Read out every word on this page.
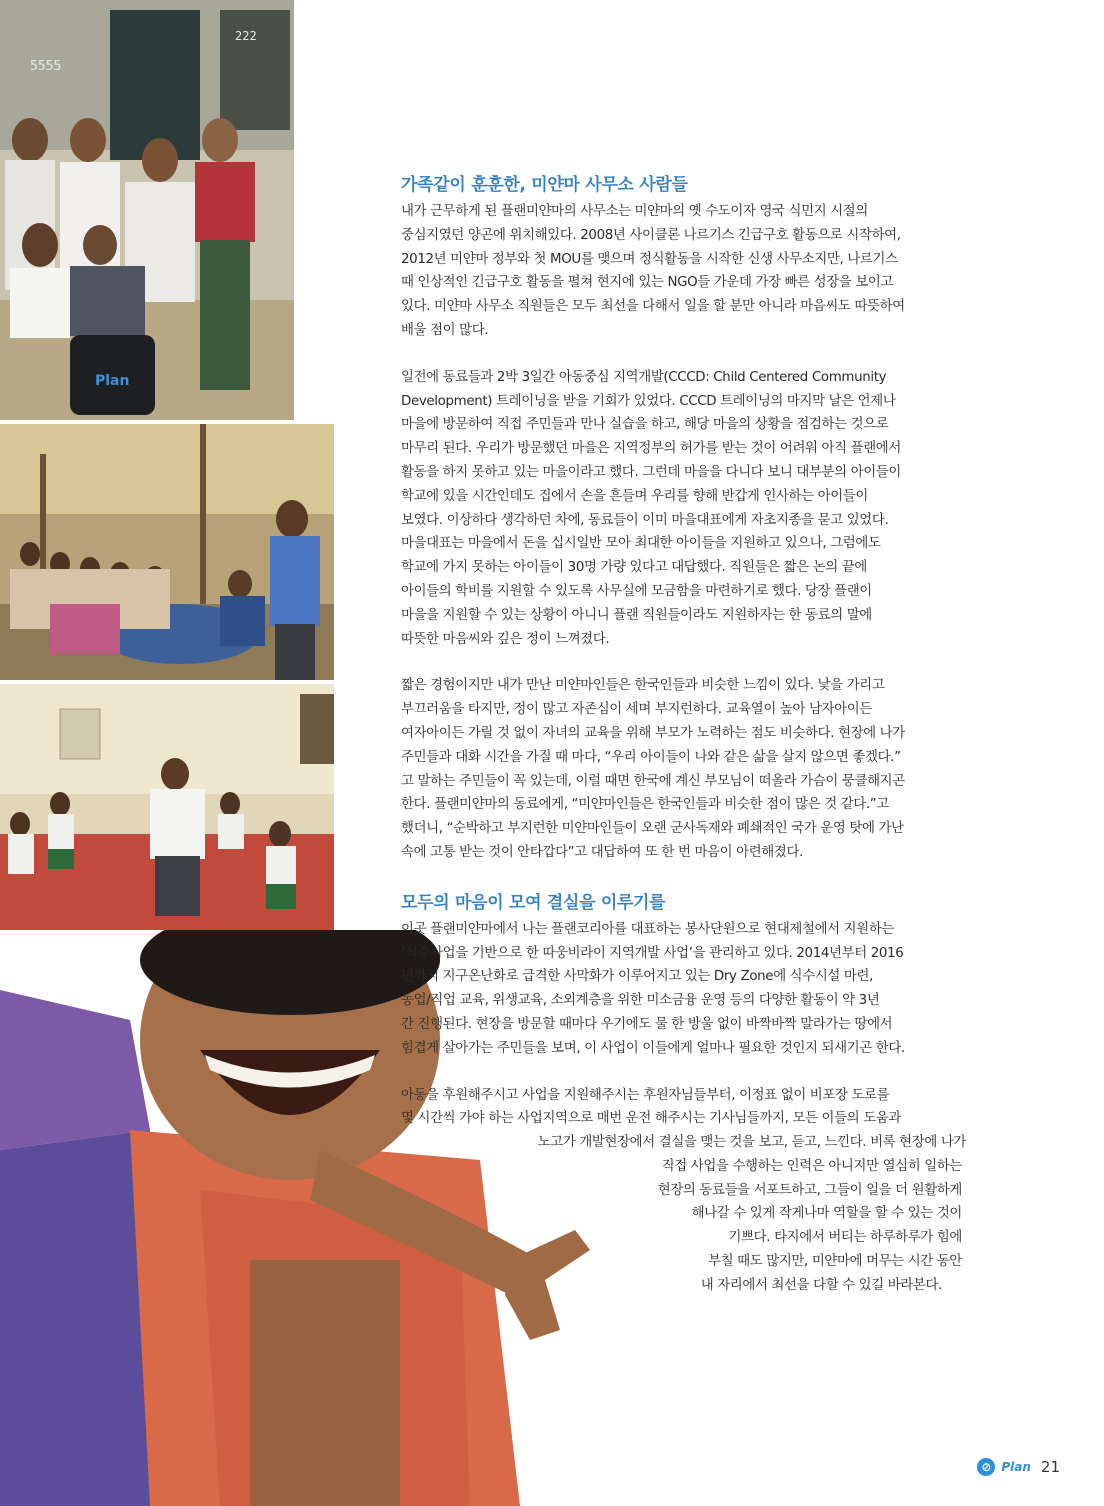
5555
222
Plan
가족같이 훈훈한, 미얀마 사무소 사람들

내가 근무하게 된 플랜미얀마의 사무소는 미얀마의 옛 수도이자 영국 식민지 시절의
중심지였던 양곤에 위치해있다. 2008년 사이클론 나르기스 긴급구호 활동으로 시작하여,
2012년 미얀마 정부와 첫 MOU를 맺으며 정식활동을 시작한 신생 사무소지만, 나르기스
때 인상적인 긴급구호 활동을 펼쳐 현지에 있는 NGO들 가운데 가장 빠른 성장을 보이고
있다. 미얀마 사무소 직원들은 모두 최선을 다해서 일을 할 분만 아니라 마음씨도 따뜻하여
배울 점이 많다.

일전에 동료들과 2박 3일간 아동중심 지역개발(CCCD: Child Centered Community
Development) 트레이닝을 받을 기회가 있었다. CCCD 트레이닝의 마지막 날은 언제나
마을에 방문하여 직접 주민들과 만나 실습을 하고, 해당 마을의 상황을 점검하는 것으로
마무리 된다. 우리가 방문했던 마을은 지역정부의 허가를 받는 것이 어려워 아직 플랜에서
활동을 하지 못하고 있는 마을이라고 했다. 그런데 마을을 다니다 보니 대부분의 아이들이
학교에 있을 시간인데도 집에서 손을 흔들며 우리를 향해 반갑게 인사하는 아이들이
보였다. 이상하다 생각하던 차에, 동료들이 이미 마을대표에게 자초지종을 묻고 있었다.
마을대표는 마을에서 돈을 십시일반 모아 최대한 아이들을 지원하고 있으나, 그럼에도
학교에 가지 못하는 아이들이 30명 가량 있다고 대답했다. 직원들은 짧은 논의 끝에
아이들의 학비를 지원할 수 있도록 사무실에 모금함을 마련하기로 했다. 당장 플랜이
마을을 지원할 수 있는 상황이 아니니 플랜 직원들이라도 지원하자는 한 동료의 말에
따뜻한 마음씨와 깊은 정이 느껴졌다.

짧은 경험이지만 내가 만난 미얀마인들은 한국인들과 비슷한 느낌이 있다. 낯을 가리고
부끄러움을 타지만, 정이 많고 자존심이 세며 부지런하다. 교육열이 높아 남자아이든
여자아이든 가릴 것 없이 자녀의 교육을 위해 부모가 노력하는 점도 비슷하다. 현장에 나가
주민들과 대화 시간을 가질 때 마다, “우리 아이들이 나와 같은 삶을 살지 않으면 좋겠다.”
고 말하는 주민들이 꼭 있는데, 이럴 때면 한국에 계신 부모님이 떠올라 가슴이 뭉클해지곤
한다. 플랜미얀마의 동료에게, “미얀마인들은 한국인들과 비슷한 점이 많은 것 같다.”고
했더니, “순박하고 부지런한 미얀마인들이 오랜 군사독재와 폐쇄적인 국가 운영 탓에 가난
속에 고통 받는 것이 안타깝다”고 대답하여 또 한 번 마음이 아련해졌다.

모두의 마음이 모여 결실을 이루기를

이곳 플랜미얀마에서 나는 플랜코리아를 대표하는 봉사단원으로 현대제철에서 지원하는
‘식수사업을 기반으로 한 따웅비라이 지역개발 사업’을 관리하고 있다. 2014년부터 2016
년까지 지구온난화로 급격한 사막화가 이루어지고 있는 Dry Zone에 식수시설 마련,
농업/직업 교육, 위생교육, 소외계층을 위한 미소금융 운영 등의 다양한 활동이 약 3년
간 진행된다. 현장을 방문할 때마다 우기에도 물 한 방울 없이 바짝바짝 말라가는 땅에서
힘겹게 살아가는 주민들을 보며, 이 사업이 이들에게 얼마나 필요한 것인지 되새기곤 한다.

아동을 후원해주시고 사업을 지원해주시는 후원자님들부터, 이정표 없이 비포장 도로를
몇 시간씩 가야 하는 사업지역으로 매번 운전 해주시는 기사님들까지, 모든 이들의 도움과
노고가 개발현장에서 결실을 맺는 것을 보고, 듣고, 느낀다. 비록 현장에 나가
직접 사업을 수행하는 인력은 아니지만 열심히 일하는
현장의 동료들을 서포트하고, 그들이 일을 더 원활하게
해나갈 수 있게 작게나마 역할을 할 수 있는 것이
기쁘다. 타지에서 버티는 하루하루가 힘에
부칠 때도 많지만, 미얀마에 머무는 시간 동안
내 자리에서 최선을 다할 수 있길 바라본다.

⊘ Plan 21
